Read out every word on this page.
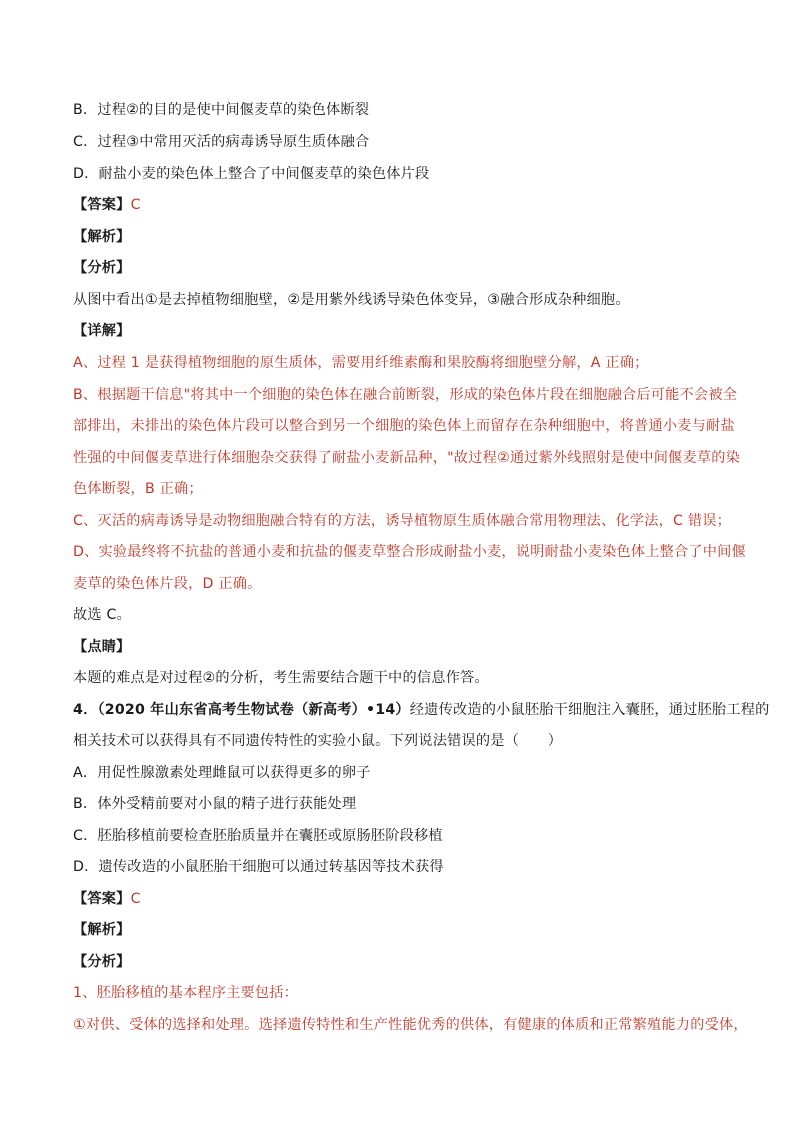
B．过程②的目的是使中间偃麦草的染色体断裂
C．过程③中常用灭活的病毒诱导原生质体融合
D．耐盐小麦的染色体上整合了中间偃麦草的染色体片段
【答案】C
【解析】
【分析】
从图中看出①是去掉植物细胞壁，②是用紫外线诱导染色体变异，③融合形成杂种细胞。
【详解】
A、过程 1 是获得植物细胞的原生质体，需要用纤维素酶和果胶酶将细胞壁分解，A 正确；
B、根据题干信息"将其中一个细胞的染色体在融合前断裂，形成的染色体片段在细胞融合后可能不会被全
部排出，未排出的染色体片段可以整合到另一个细胞的染色体上而留存在杂种细胞中，将普通小麦与耐盐
性强的中间偃麦草进行体细胞杂交获得了耐盐小麦新品种，"故过程②通过紫外线照射是使中间偃麦草的染
色体断裂，B 正确；
C、灭活的病毒诱导是动物细胞融合特有的方法，诱导植物原生质体融合常用物理法、化学法，C 错误；
D、实验最终将不抗盐的普通小麦和抗盐的偃麦草整合形成耐盐小麦，说明耐盐小麦染色体上整合了中间偃
麦草的染色体片段，D 正确。
故选 C。
【点睛】
本题的难点是对过程②的分析，考生需要结合题干中的信息作答。
4．（2020 年山东省高考生物试卷（新高考）•14）经遗传改造的小鼠胚胎干细胞注入囊胚，通过胚胎工程的
相关技术可以获得具有不同遗传特性的实验小鼠。下列说法错误的是（　　）
A．用促性腺激素处理雌鼠可以获得更多的卵子
B．体外受精前要对小鼠的精子进行获能处理
C．胚胎移植前要检查胚胎质量并在囊胚或原肠胚阶段移植
D．遗传改造的小鼠胚胎干细胞可以通过转基因等技术获得
【答案】C
【解析】
【分析】
1、胚胎移植的基本程序主要包括：
①对供、受体的选择和处理。选择遗传特性和生产性能优秀的供体，有健康的体质和正常繁殖能力的受体，
